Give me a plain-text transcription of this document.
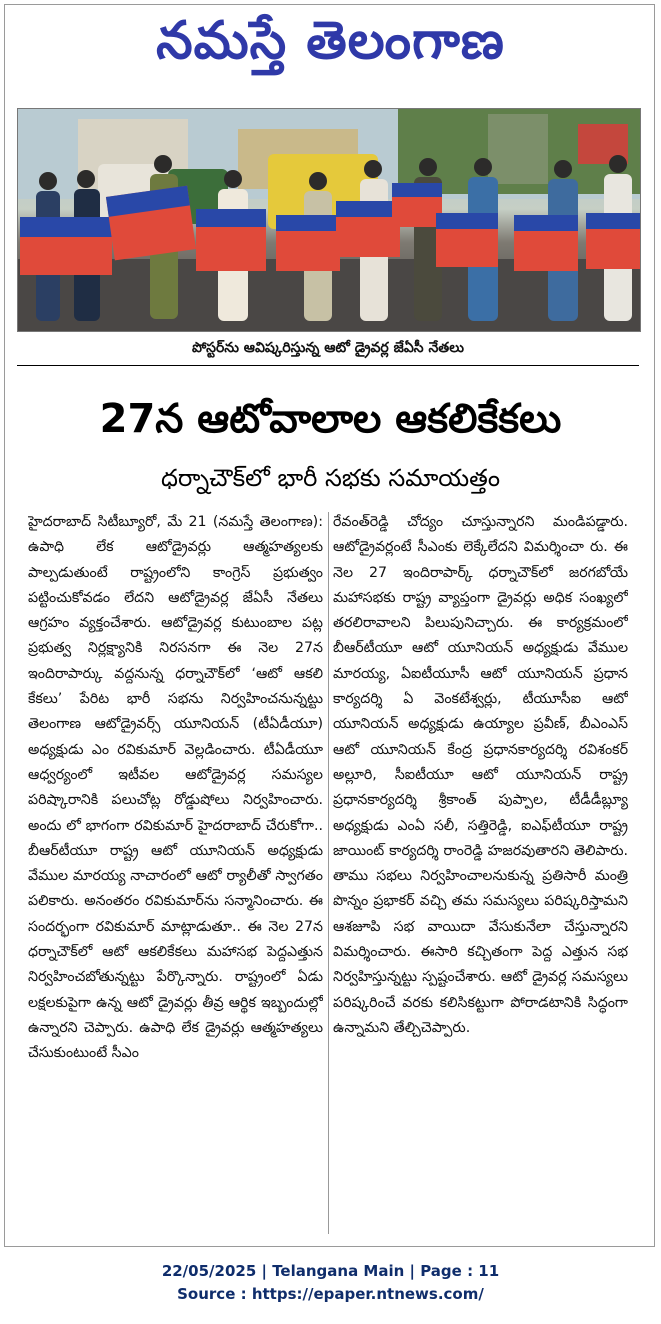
నమస్తే తెలంగాణ
పోస్టర్‌ను ఆవిష్కరిస్తున్న ఆటో డ్రైవర్ల జేఏసీ నేతలు
27న ఆటోవాలాల ఆకలికేకలు
ధర్నాచౌక్‌లో భారీ సభకు సమాయత్తం

హైదరాబాద్ సిటీబ్యూరో, మే 21 (నమస్తే తెలంగాణ): ఉపాధి లేక ఆటోడ్రైవర్లు ఆత్మహత్యలకు పాల్పడుతుంటే రాష్ట్రంలోని కాంగ్రెస్ ప్రభుత్వం పట్టించుకోవడం లేదని ఆటోడ్రైవర్ల జేఏసీ నేతలు ఆగ్రహం వ్యక్తంచేశారు. ఆటోడ్రైవర్ల కుటుంబాల పట్ల ప్రభుత్వ నిర్లక్ష్యానికి నిరసనగా ఈ నెల 27న ఇందిరాపార్కు వద్దనున్న ధర్నాచౌక్‌లో ‘ఆటో ఆకలి కేకలు’ పేరిట భారీ సభను నిర్వహించనున్నట్టు తెలంగాణ ఆటోడ్రైవర్స్ యూనియన్ (టీఏడీయూ) అధ్యక్షుడు ఎం రవికుమార్ వెల్లడించారు. టీఏడీయూ ఆధ్వర్యంలో ఇటీవల ఆటోడ్రైవర్ల సమస్యల పరిష్కారానికి పలుచోట్ల రోడ్డుషోలు నిర్వహించారు. అందు లో భాగంగా రవికుమార్ హైదరాబాద్ చేరుకోగా.. బీఆర్‌టీయూ రాష్ట్ర ఆటో యూనియన్ అధ్యక్షుడు వేముల మారయ్య నాచారంలో ఆటో ర్యాలీతో స్వాగతం పలికారు. అనంతరం రవికుమార్‌ను సన్మానించారు. ఈ సందర్భంగా రవికుమార్ మాట్లాడుతూ.. ఈ నెల 27న ధర్నాచౌక్‌లో ఆటో ఆకలికేకలు మహాసభ పెద్దఎత్తున నిర్వహించబోతున్నట్టు పేర్కొన్నారు. రాష్ట్రంలో ఏడు లక్షలకుపైగా ఉన్న ఆటో డ్రైవర్లు తీవ్ర ఆర్థిక ఇబ్బందుల్లో ఉన్నారని చెప్పారు. ఉపాధి లేక డ్రైవర్లు ఆత్మహత్యలు చేసుకుంటుంటే సీఎం

రేవంత్‌రెడ్డి చోద్యం చూస్తున్నారని మండిపడ్డారు. ఆటోడ్రైవర్లంటే సీఎంకు లెక్కేలేదని విమర్శించా రు. ఈ నెల 27 ఇందిరాపార్క్ ధర్నాచౌక్‌లో జరగబోయే మహాసభకు రాష్ట్ర వ్యాప్తంగా డ్రైవర్లు అధిక సంఖ్యలో తరలిరావాలని పిలుపునిచ్చారు. ఈ కార్యక్రమంలో బీఆర్‌టీయూ ఆటో యూనియన్ అధ్యక్షుడు వేముల మారయ్య, ఏఐటీయూసీ ఆటో యూనియన్ ప్రధాన కార్యదర్శి ఏ వెంకటేశ్వర్లు, టీయూసీఐ ఆటో యూనియన్ అధ్యక్షుడు ఉయ్యాల ప్రవీణ్, బీఎంఎస్ ఆటో యూనియన్ కేంద్ర ప్రధానకార్యదర్శి రవిశంకర్ అల్లూరి, సీఐటీయూ ఆటో యూనియన్ రాష్ట్ర ప్రధానకార్యదర్శి శ్రీకాంత్ పుప్పాల, టీడీడీబ్ల్యూ అధ్యక్షుడు ఎంఏ సలీ, సత్తిరెడ్డి, ఐఎఫ్‌టీయూ రాష్ట్ర జాయింట్ కార్యదర్శి రాంరెడ్డి హజరవుతారని తెలిపారు. తాము సభలు నిర్వహించాలనుకున్న ప్రతిసారీ మంత్రి పొన్నం ప్రభాకర్ వచ్చి తమ సమస్యలు పరిష్కరిస్తామని ఆశజూపి సభ వాయిదా వేసుకునేలా చేస్తున్నారని విమర్శించారు. ఈసారి కచ్చితంగా పెద్ద ఎత్తున సభ నిర్వహిస్తున్నట్టు స్పష్టంచేశారు. ఆటో డ్రైవర్ల సమస్యలు పరిష్కరించే వరకు కలిసికట్టుగా పోరాడటానికి సిద్ధంగా ఉన్నామని తేల్చిచెప్పారు.

22/05/2025 | Telangana Main | Page : 11
Source : https://epaper.ntnews.com/
